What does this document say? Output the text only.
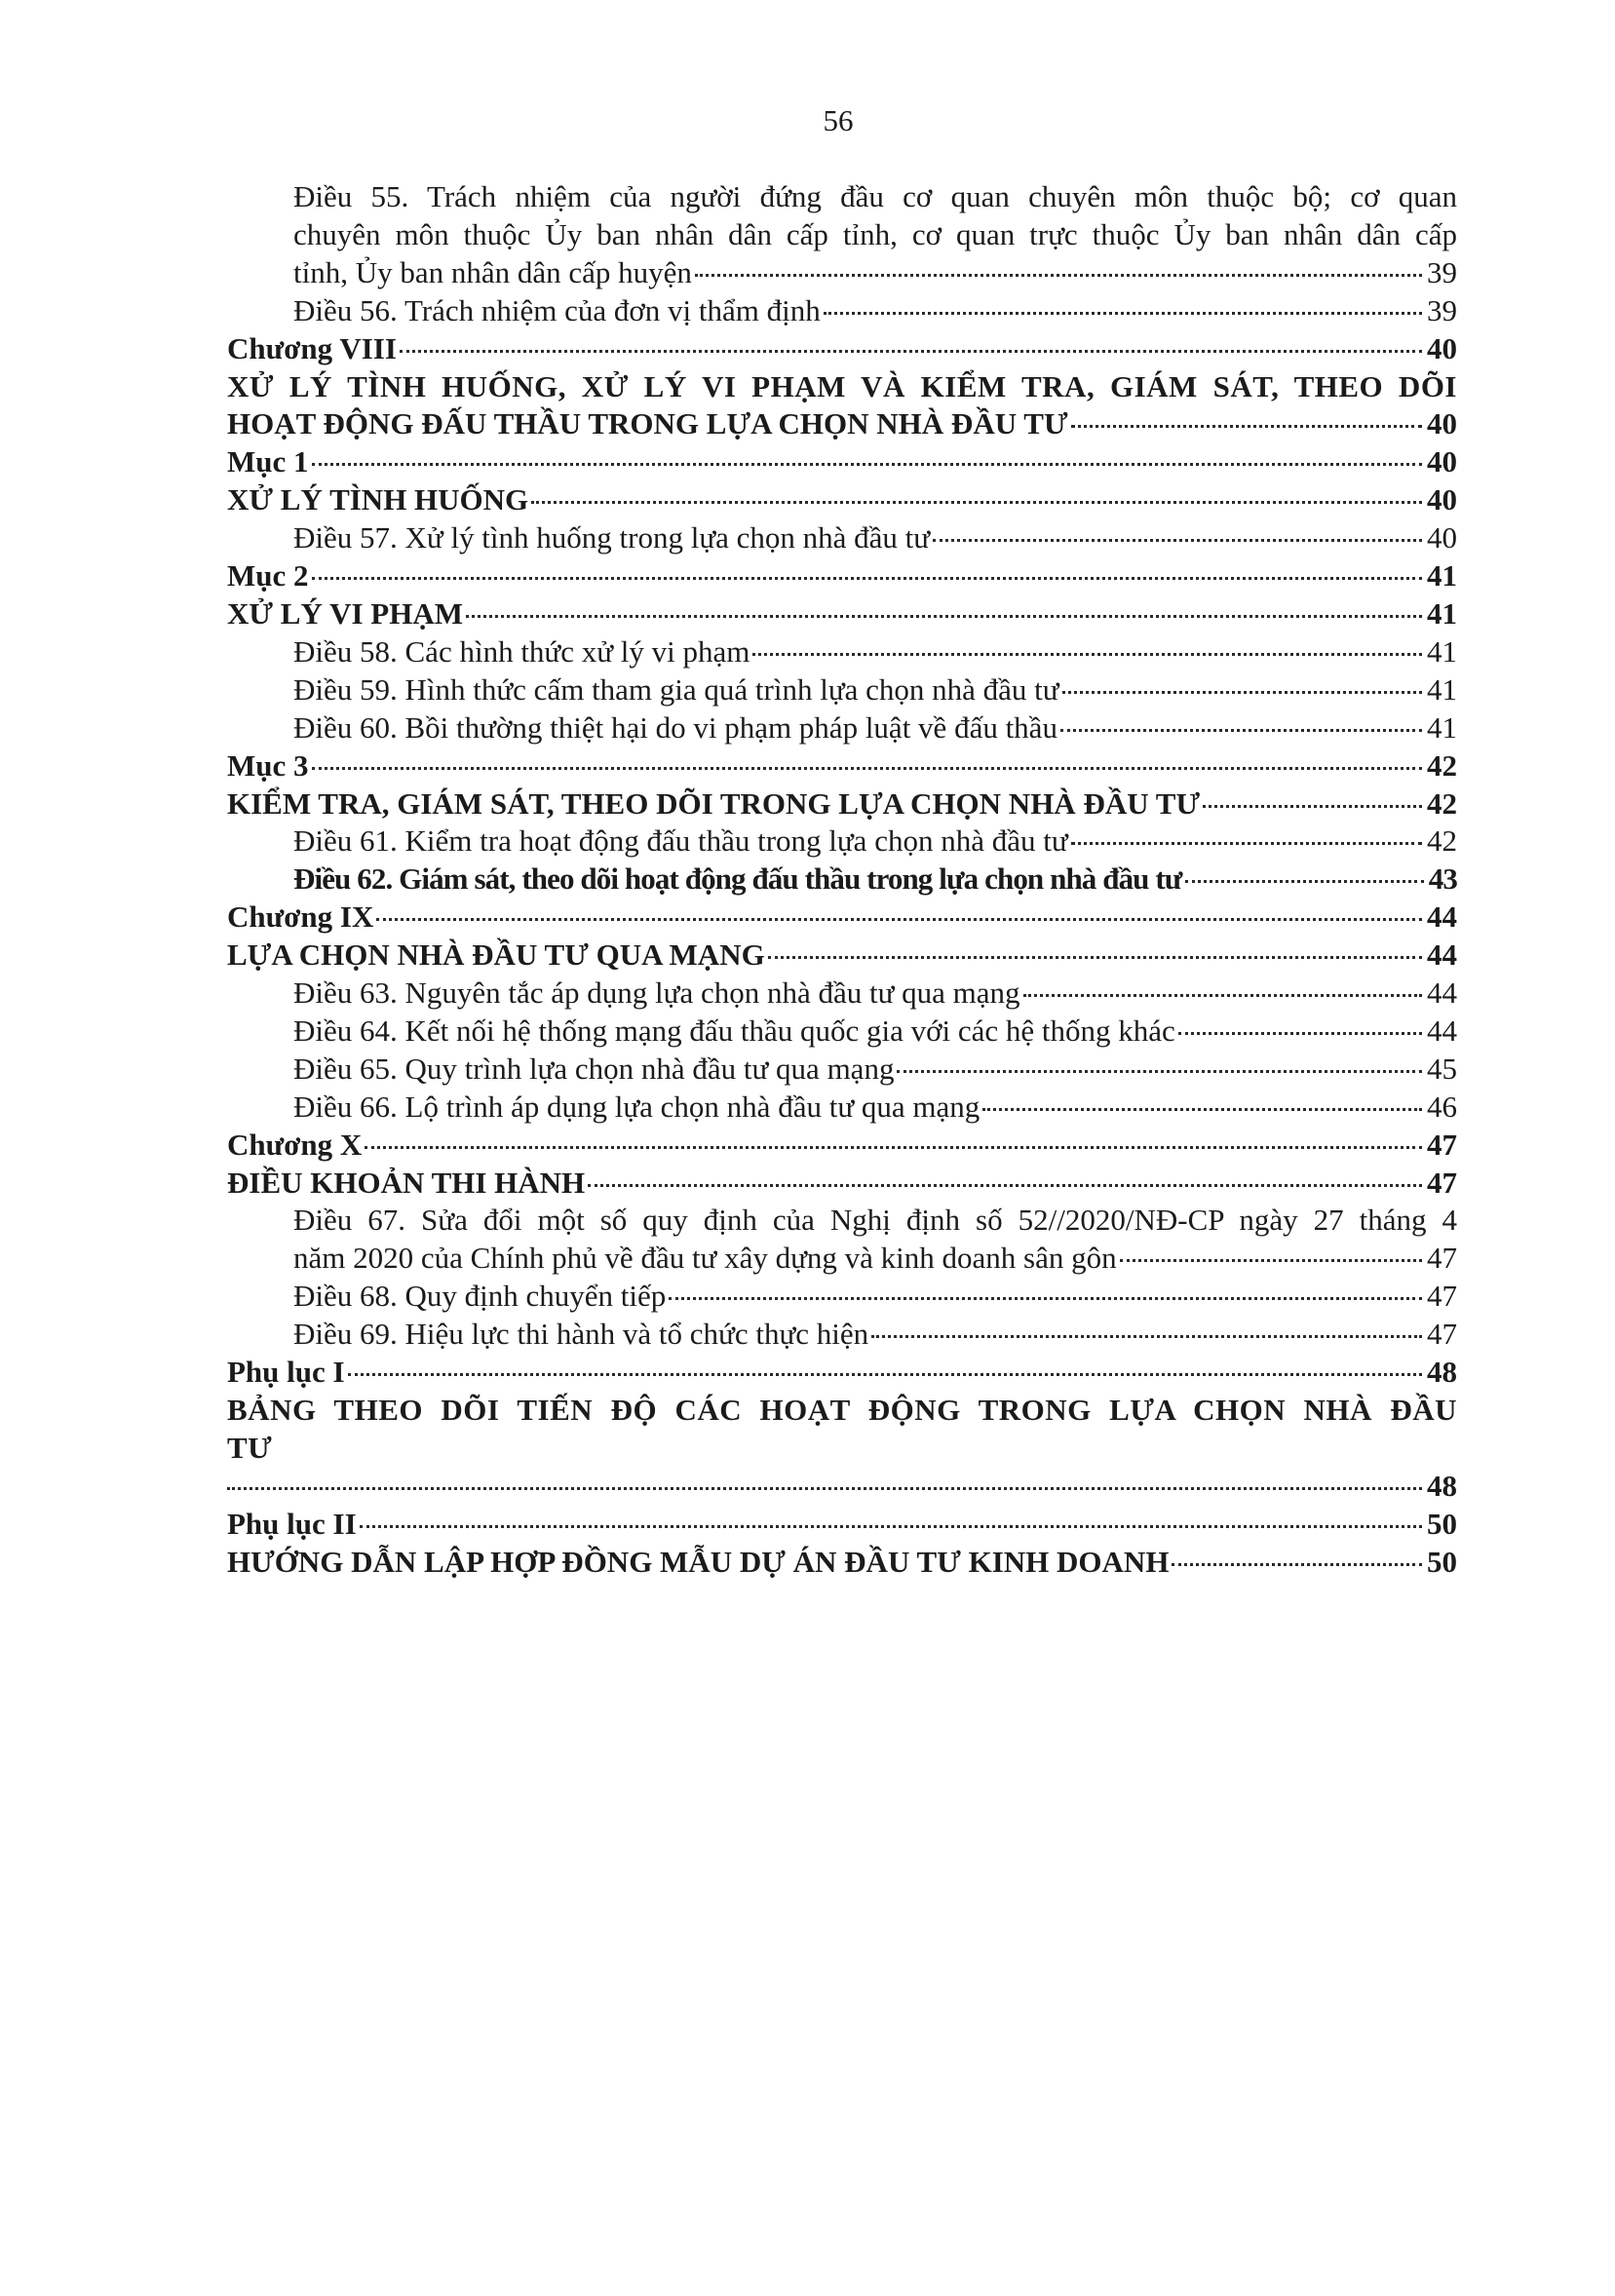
56
Điều 55. Trách nhiệm của người đứng đầu cơ quan chuyên môn thuộc bộ; cơ quan
chuyên môn thuộc Ủy ban nhân dân cấp tỉnh, cơ quan trực thuộc Ủy ban nhân dân cấp
tỉnh, Ủy ban nhân dân cấp huyện	39
Điều 56. Trách nhiệm của đơn vị thẩm định	39
Chương VIII	40
XỬ LÝ TÌNH HUỐNG, XỬ LÝ VI PHẠM VÀ KIỂM TRA, GIÁM SÁT, THEO DÕI
HOẠT ĐỘNG ĐẤU THẦU TRONG LỰA CHỌN NHÀ ĐẦU TƯ	40
Mục 1	40
XỬ LÝ TÌNH HUỐNG	40
Điều 57. Xử lý tình huống trong lựa chọn nhà đầu tư	40
Mục 2	41
XỬ LÝ VI PHẠM	41
Điều 58. Các hình thức xử lý vi phạm	41
Điều 59. Hình thức cấm tham gia quá trình lựa chọn nhà đầu tư	41
Điều 60. Bồi thường thiệt hại do vi phạm pháp luật về đấu thầu	41
Mục 3	42
KIỂM TRA, GIÁM SÁT, THEO DÕI TRONG LỰA CHỌN NHÀ ĐẦU TƯ	42
Điều 61. Kiểm tra hoạt động đấu thầu trong lựa chọn nhà đầu tư	42
Điều 62. Giám sát, theo dõi hoạt động đấu thầu trong lựa chọn nhà đầu tư	43
Chương IX	44
LỰA CHỌN NHÀ ĐẦU TƯ QUA MẠNG	44
Điều 63. Nguyên tắc áp dụng lựa chọn nhà đầu tư qua mạng	44
Điều 64. Kết nối hệ thống mạng đấu thầu quốc gia với các hệ thống khác	44
Điều 65. Quy trình lựa chọn nhà đầu tư qua mạng	45
Điều 66. Lộ trình áp dụng lựa chọn nhà đầu tư qua mạng	46
Chương X	47
ĐIỀU KHOẢN THI HÀNH	47
Điều 67. Sửa đổi một số quy định của Nghị định số 52//2020/NĐ-CP ngày 27 tháng 4
năm 2020 của Chính phủ về đầu tư xây dựng và kinh doanh sân gôn	47
Điều 68. Quy định chuyển tiếp	47
Điều 69. Hiệu lực thi hành và tổ chức thực hiện	47
Phụ lục I	48
BẢNG THEO DÕI TIẾN ĐỘ CÁC HOẠT ĐỘNG TRONG LỰA CHỌN NHÀ ĐẦU TƯ
48
Phụ lục II	50
HƯỚNG DẪN LẬP HỢP ĐỒNG MẪU DỰ ÁN ĐẦU TƯ KINH DOANH	50
